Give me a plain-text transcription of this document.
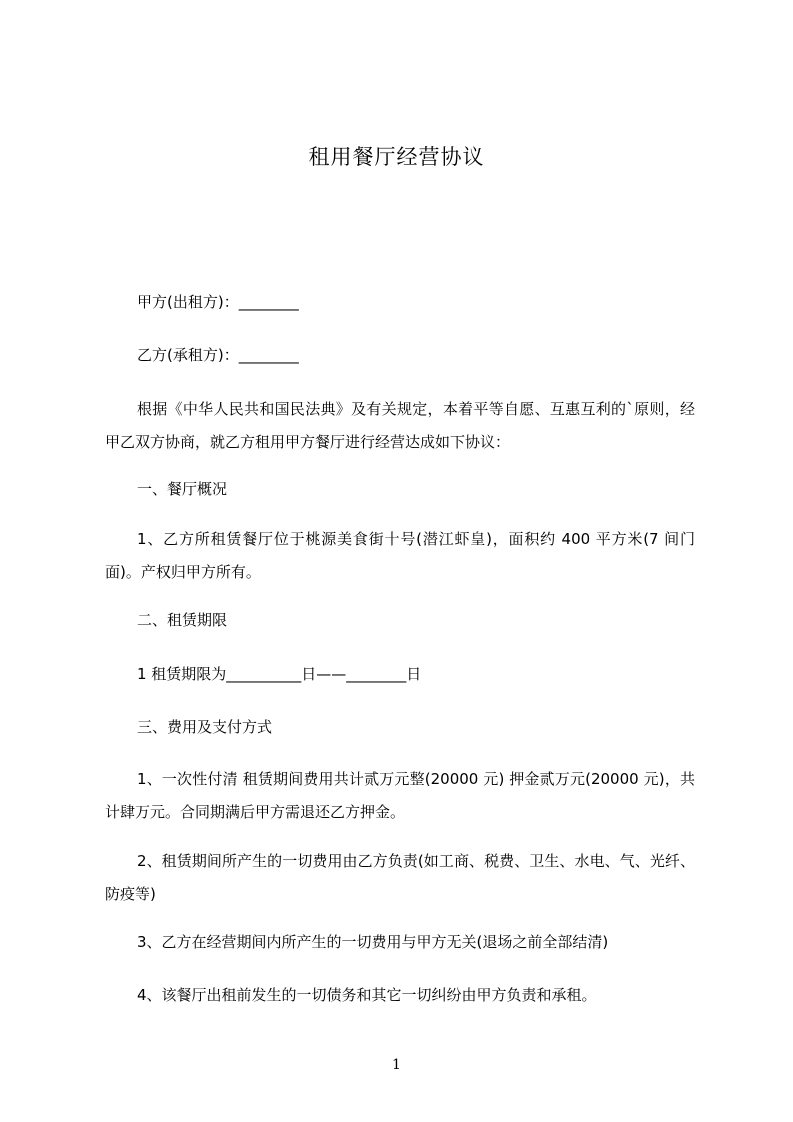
租用餐厅经营协议
甲方(出租方)：________
乙方(承租方)：________
根据《中华人民共和国民法典》及有关规定，本着平等自愿、互惠互利的`原则，经甲乙双方协商，就乙方租用甲方餐厅进行经营达成如下协议：
一、餐厅概况
1、乙方所租赁餐厅位于桃源美食街十号(潜江虾皇)，面积约 400 平方米(7 间门面)。产权归甲方所有。
二、租赁期限
1 租赁期限为__________日——________日
三、费用及支付方式
1、一次性付清 租赁期间费用共计贰万元整(20000 元) 押金贰万元(20000 元)，共计肆万元。合同期满后甲方需退还乙方押金。
2、租赁期间所产生的一切费用由乙方负责(如工商、税费、卫生、水电、气、光纤、防疫等)
3、乙方在经营期间内所产生的一切费用与甲方无关(退场之前全部结清)
4、该餐厅出租前发生的一切债务和其它一切纠纷由甲方负责和承租。
1
